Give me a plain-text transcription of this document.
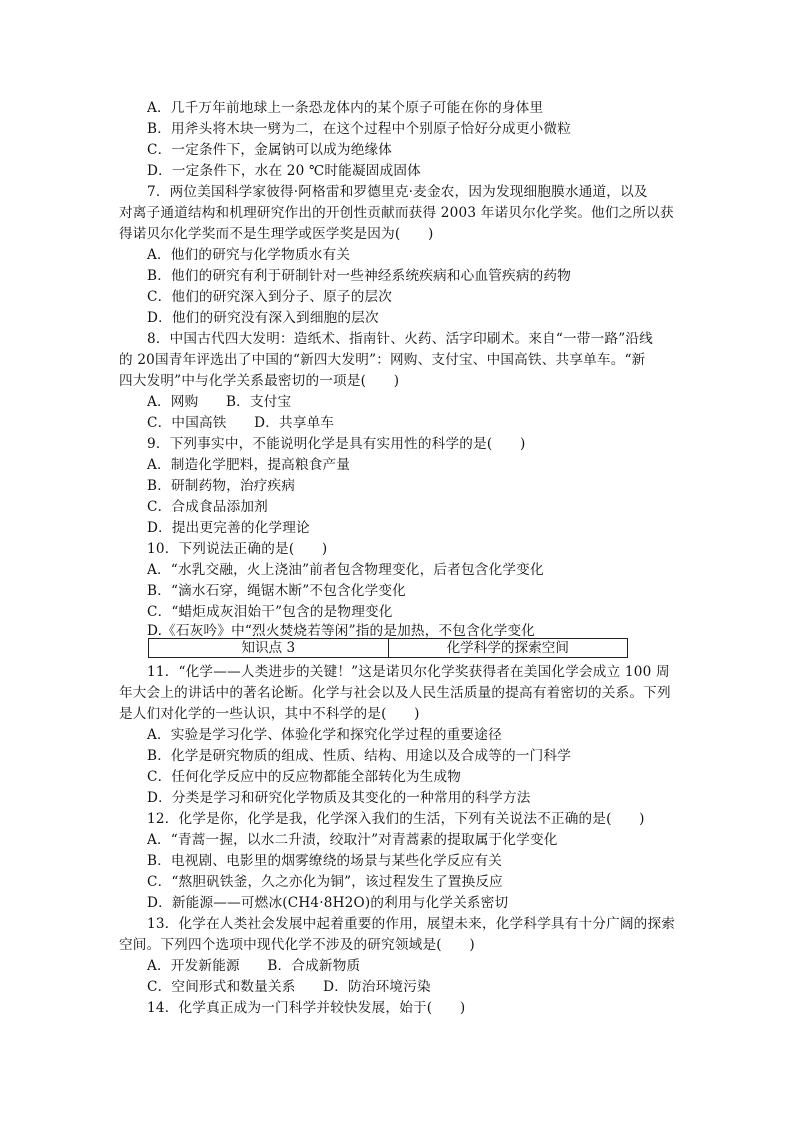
A．几千万年前地球上一条恐龙体内的某个原子可能在你的身体里
B．用斧头将木块一劈为二，在这个过程中个别原子恰好分成更小微粒
C．一定条件下，金属钠可以成为绝缘体
D．一定条件下，水在 20 ℃时能凝固成固体
7．两位美国科学家彼得·阿格雷和罗德里克·麦金农，因为发现细胞膜水通道，以及
对离子通道结构和机理研究作出的开创性贡献而获得 2003 年诺贝尔化学奖。他们之所以获
得诺贝尔化学奖而不是生理学或医学奖是因为(　　)
A．他们的研究与化学物质水有关
B．他们的研究有利于研制针对一些神经系统疾病和心血管疾病的药物
C．他们的研究深入到分子、原子的层次
D．他们的研究没有深入到细胞的层次
8．中国古代四大发明：造纸术、指南针、火药、活字印刷术。来自“一带一路”沿线
的 20国青年评选出了中国的“新四大发明”：网购、支付宝、中国高铁、共享单车。“新
四大发明”中与化学关系最密切的一项是(　　)
A．网购　　B．支付宝
C．中国高铁　　D．共享单车
9．下列事实中，不能说明化学是具有实用性的科学的是(　　)
A．制造化学肥料，提高粮食产量
B．研制药物，治疗疾病
C．合成食品添加剂
D．提出更完善的化学理论
10．下列说法正确的是(　　)
A．“水乳交融，火上浇油”前者包含物理变化，后者包含化学变化
B．“滴水石穿，绳锯木断”不包含化学变化
C．“蜡炬成灰泪始干”包含的是物理变化
D.《石灰吟》中“烈火焚烧若等闲”指的是加热，不包含化学变化
知识点 3	化学科学的探索空间
11．“化学——人类进步的关键！”这是诺贝尔化学奖获得者在美国化学会成立 100 周
年大会上的讲话中的著名论断。化学与社会以及人民生活质量的提高有着密切的关系。下列
是人们对化学的一些认识，其中不科学的是(　　)
A．实验是学习化学、体验化学和探究化学过程的重要途径
B．化学是研究物质的组成、性质、结构、用途以及合成等的一门科学
C．任何化学反应中的反应物都能全部转化为生成物
D．分类是学习和研究化学物质及其变化的一种常用的科学方法
12．化学是你，化学是我，化学深入我们的生活，下列有关说法不正确的是(　　)
A．“青蒿一握，以水二升渍，绞取汁”对青蒿素的提取属于化学变化
B．电视剧、电影里的烟雾缭绕的场景与某些化学反应有关
C．“熬胆矾铁釜，久之亦化为铜”，该过程发生了置换反应
D．新能源——可燃冰(CH4·8H2O)的利用与化学关系密切
13．化学在人类社会发展中起着重要的作用，展望未来，化学科学具有十分广阔的探索
空间。下列四个选项中现代化学不涉及的研究领域是(　　)
A．开发新能源　　B．合成新物质
C．空间形式和数量关系　　D．防治环境污染
14．化学真正成为一门科学并较快发展，始于(　　)
